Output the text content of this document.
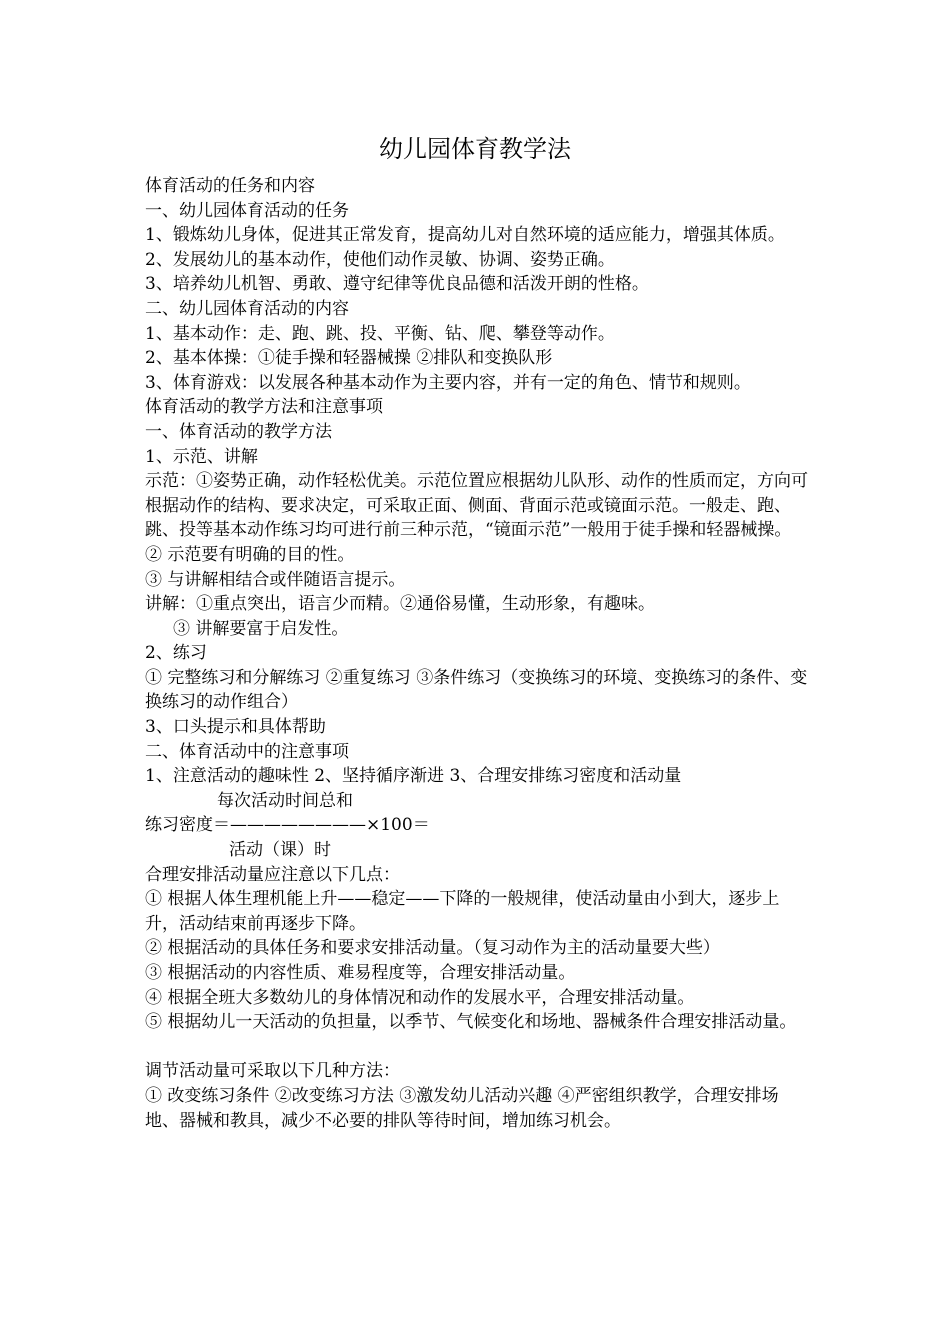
幼儿园体育教学法

体育活动的任务和内容

一、幼儿园体育活动的任务

1、锻炼幼儿身体，促进其正常发育，提高幼儿对自然环境的适应能力，增强其体质。

2、发展幼儿的基本动作，使他们动作灵敏、协调、姿势正确。

3、培养幼儿机智、勇敢、遵守纪律等优良品德和活泼开朗的性格。

二、幼儿园体育活动的内容

1、基本动作：走、跑、跳、投、平衡、钻、爬、攀登等动作。

2、基本体操：①徒手操和轻器械操 ②排队和变换队形

3、体育游戏：以发展各种基本动作为主要内容，并有一定的角色、情节和规则。

体育活动的教学方法和注意事项

一、体育活动的教学方法

1、示范、讲解

示范：①姿势正确，动作轻松优美。示范位置应根据幼儿队形、动作的性质而定，方向可根据动作的结构、要求决定，可采取正面、侧面、背面示范或镜面示范。一般走、跑、跳、投等基本动作练习均可进行前三种示范，“镜面示范”一般用于徒手操和轻器械操。

② 示范要有明确的目的性。

③ 与讲解相结合或伴随语言提示。

讲解：①重点突出，语言少而精。②通俗易懂，生动形象，有趣味。

③ 讲解要富于启发性。

2、练习

① 完整练习和分解练习 ②重复练习 ③条件练习（变换练习的环境、变换练习的条件、变换练习的动作组合）

3、口头提示和具体帮助

二、体育活动中的注意事项

1、注意活动的趣味性 2、坚持循序渐进 3、合理安排练习密度和活动量

每次活动时间总和

练习密度＝————————×100＝

活动（课）时

合理安排活动量应注意以下几点：

① 根据人体生理机能上升——稳定——下降的一般规律，使活动量由小到大，逐步上升，活动结束前再逐步下降。

② 根据活动的具体任务和要求安排活动量。（复习动作为主的活动量要大些）

③ 根据活动的内容性质、难易程度等，合理安排活动量。

④ 根据全班大多数幼儿的身体情况和动作的发展水平，合理安排活动量。

⑤ 根据幼儿一天活动的负担量，以季节、气候变化和场地、器械条件合理安排活动量。

调节活动量可采取以下几种方法：

① 改变练习条件 ②改变练习方法 ③激发幼儿活动兴趣 ④严密组织教学，合理安排场地、器械和教具，减少不必要的排队等待时间，增加练习机会。
